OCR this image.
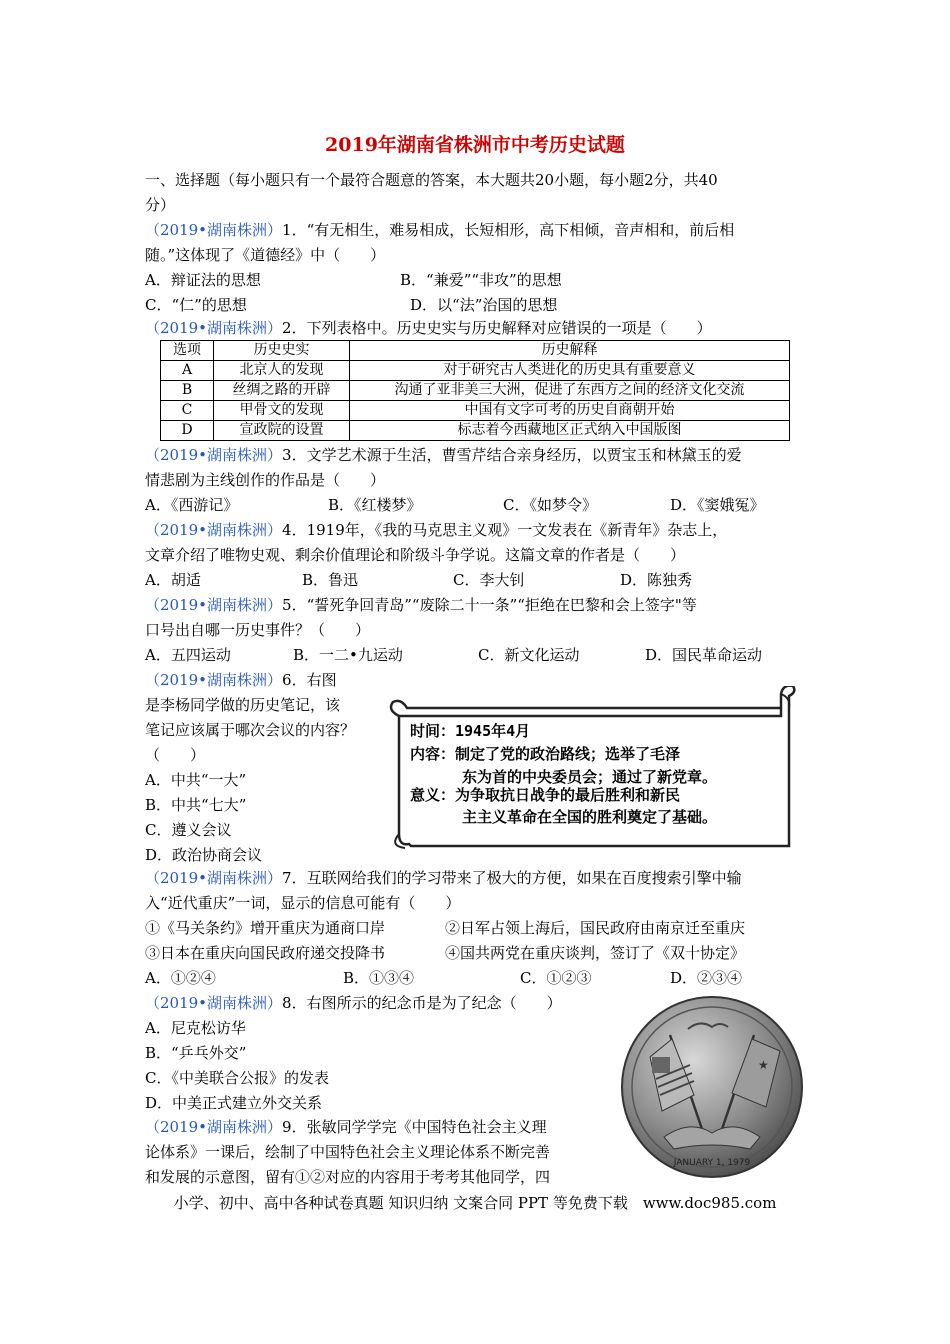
2019年湖南省株洲市中考历史试题
一、选择题（每小题只有一个最符合题意的答案，本大题共20小题，每小题2分，共40
分）
（2019•湖南株洲）1．“有无相生，难易相成，长短相形，高下相倾，音声相和，前后相
随。”这体现了《道德经》中（　　）
A．辩证法的思想	B．“兼爱”“非攻”的思想
C．“仁”的思想	D．以“法”治国的思想
（2019•湖南株洲）2．下列表格中。历史史实与历史解释对应错误的一项是（　　）
选项	历史史实	历史解释
A	北京人的发现	对于研究古人类进化的历史具有重要意义
B	丝绸之路的开辟	沟通了亚非美三大洲，促进了东西方之间的经济文化交流
C	甲骨文的发现	中国有文字可考的历史自商朝开始
D	宣政院的设置	标志着今西藏地区正式纳入中国版图
（2019•湖南株洲）3．文学艺术源于生活，曹雪芹结合亲身经历，以贾宝玉和林黛玉的爱
情悲剧为主线创作的作品是（　　）
A．《西游记》	B．《红楼梦》	C．《如梦令》	D．《窦娥冤》
（2019•湖南株洲）4．1919年，《我的马克思主义观》一文发表在《新青年》杂志上，
文章介绍了唯物史观、剩余价值理论和阶级斗争学说。这篇文章的作者是（　　）
A．胡适	B．鲁迅	C．李大钊	D．陈独秀
（2019•湖南株洲）5．“誓死争回青岛”“废除二十一条”“拒绝在巴黎和会上签字"等
口号出自哪一历史事件？（　　）
A．五四运动	B．一二•九运动	C．新文化运动	D．国民革命运动
（2019•湖南株洲）6．右图
是李杨同学做的历史笔记，该
笔记应该属于哪次会议的内容？
（　　）
A．中共“一大”
B．中共“七大”
C．遵义会议
D．政治协商会议
时间：1945年4月
内容：制定了党的政治路线；选举了毛泽
东为首的中央委员会；通过了新党章。
意义：为争取抗日战争的最后胜利和新民
主主义革命在全国的胜利奠定了基础。
（2019•湖南株洲）7．互联网给我们的学习带来了极大的方便，如果在百度搜索引擎中输
入“近代重庆”一词，显示的信息可能有（　　）
①《马关条约》增开重庆为通商口岸	②日军占领上海后，国民政府由南京迁至重庆
③日本在重庆向国民政府递交投降书	④国共两党在重庆谈判，签订了《双十协定》
A．①②④	B．①③④	C．①②③	D．②③④
（2019•湖南株洲）8．右图所示的纪念币是为了纪念（　　）
A．尼克松访华
B．“乒乓外交”
C．《中美联合公报》的发表
D．中美正式建立外交关系
★
JANUARY 1, 1979
（2019•湖南株洲）9．张敏同学学完《中国特色社会主义理
论体系》一课后，绘制了中国特色社会主义理论体系不断完善
和发展的示意图，留有①②对应的内容用于考考其他同学，四
小学、初中、高中各种试卷真题 知识归纳 文案合同 PPT 等免费下载　www.doc985.com
